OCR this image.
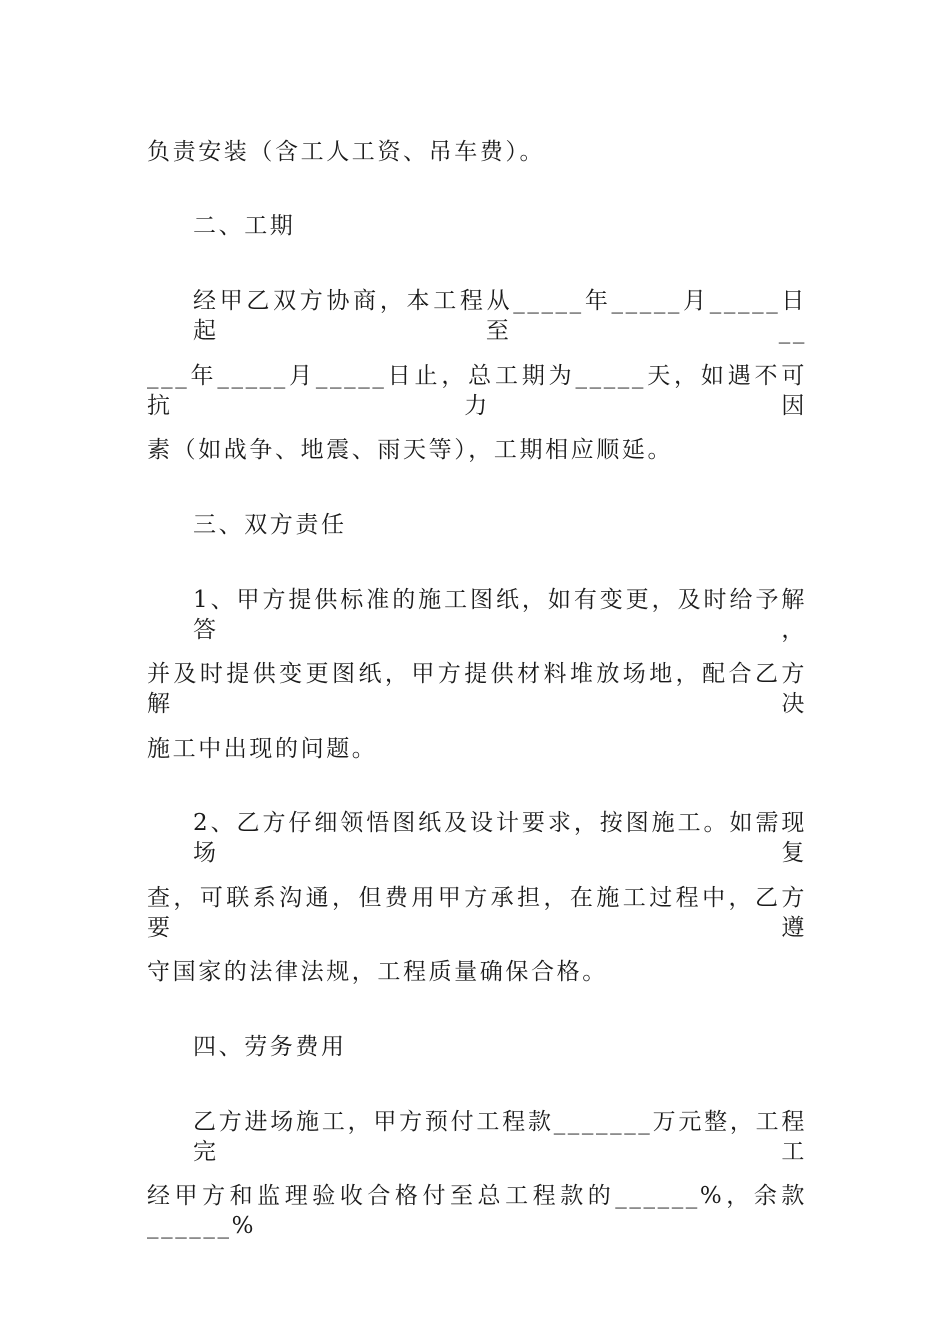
负责安装（含工人工资、吊车费）。
二、工期
经甲乙双方协商，本工程从_____年_____月_____日起至__
___年_____月_____日止，总工期为_____天，如遇不可抗力因
素（如战争、地震、雨天等），工期相应顺延。
三、双方责任
1、甲方提供标准的施工图纸，如有变更，及时给予解答，
并及时提供变更图纸，甲方提供材料堆放场地，配合乙方解决
施工中出现的问题。
2、乙方仔细领悟图纸及设计要求，按图施工。如需现场复
查，可联系沟通，但费用甲方承担，在施工过程中，乙方要遵
守国家的法律法规，工程质量确保合格。
四、劳务费用
乙方进场施工，甲方预付工程款_______万元整，工程完工
经甲方和监理验收合格付至总工程款的______%，余款______%
